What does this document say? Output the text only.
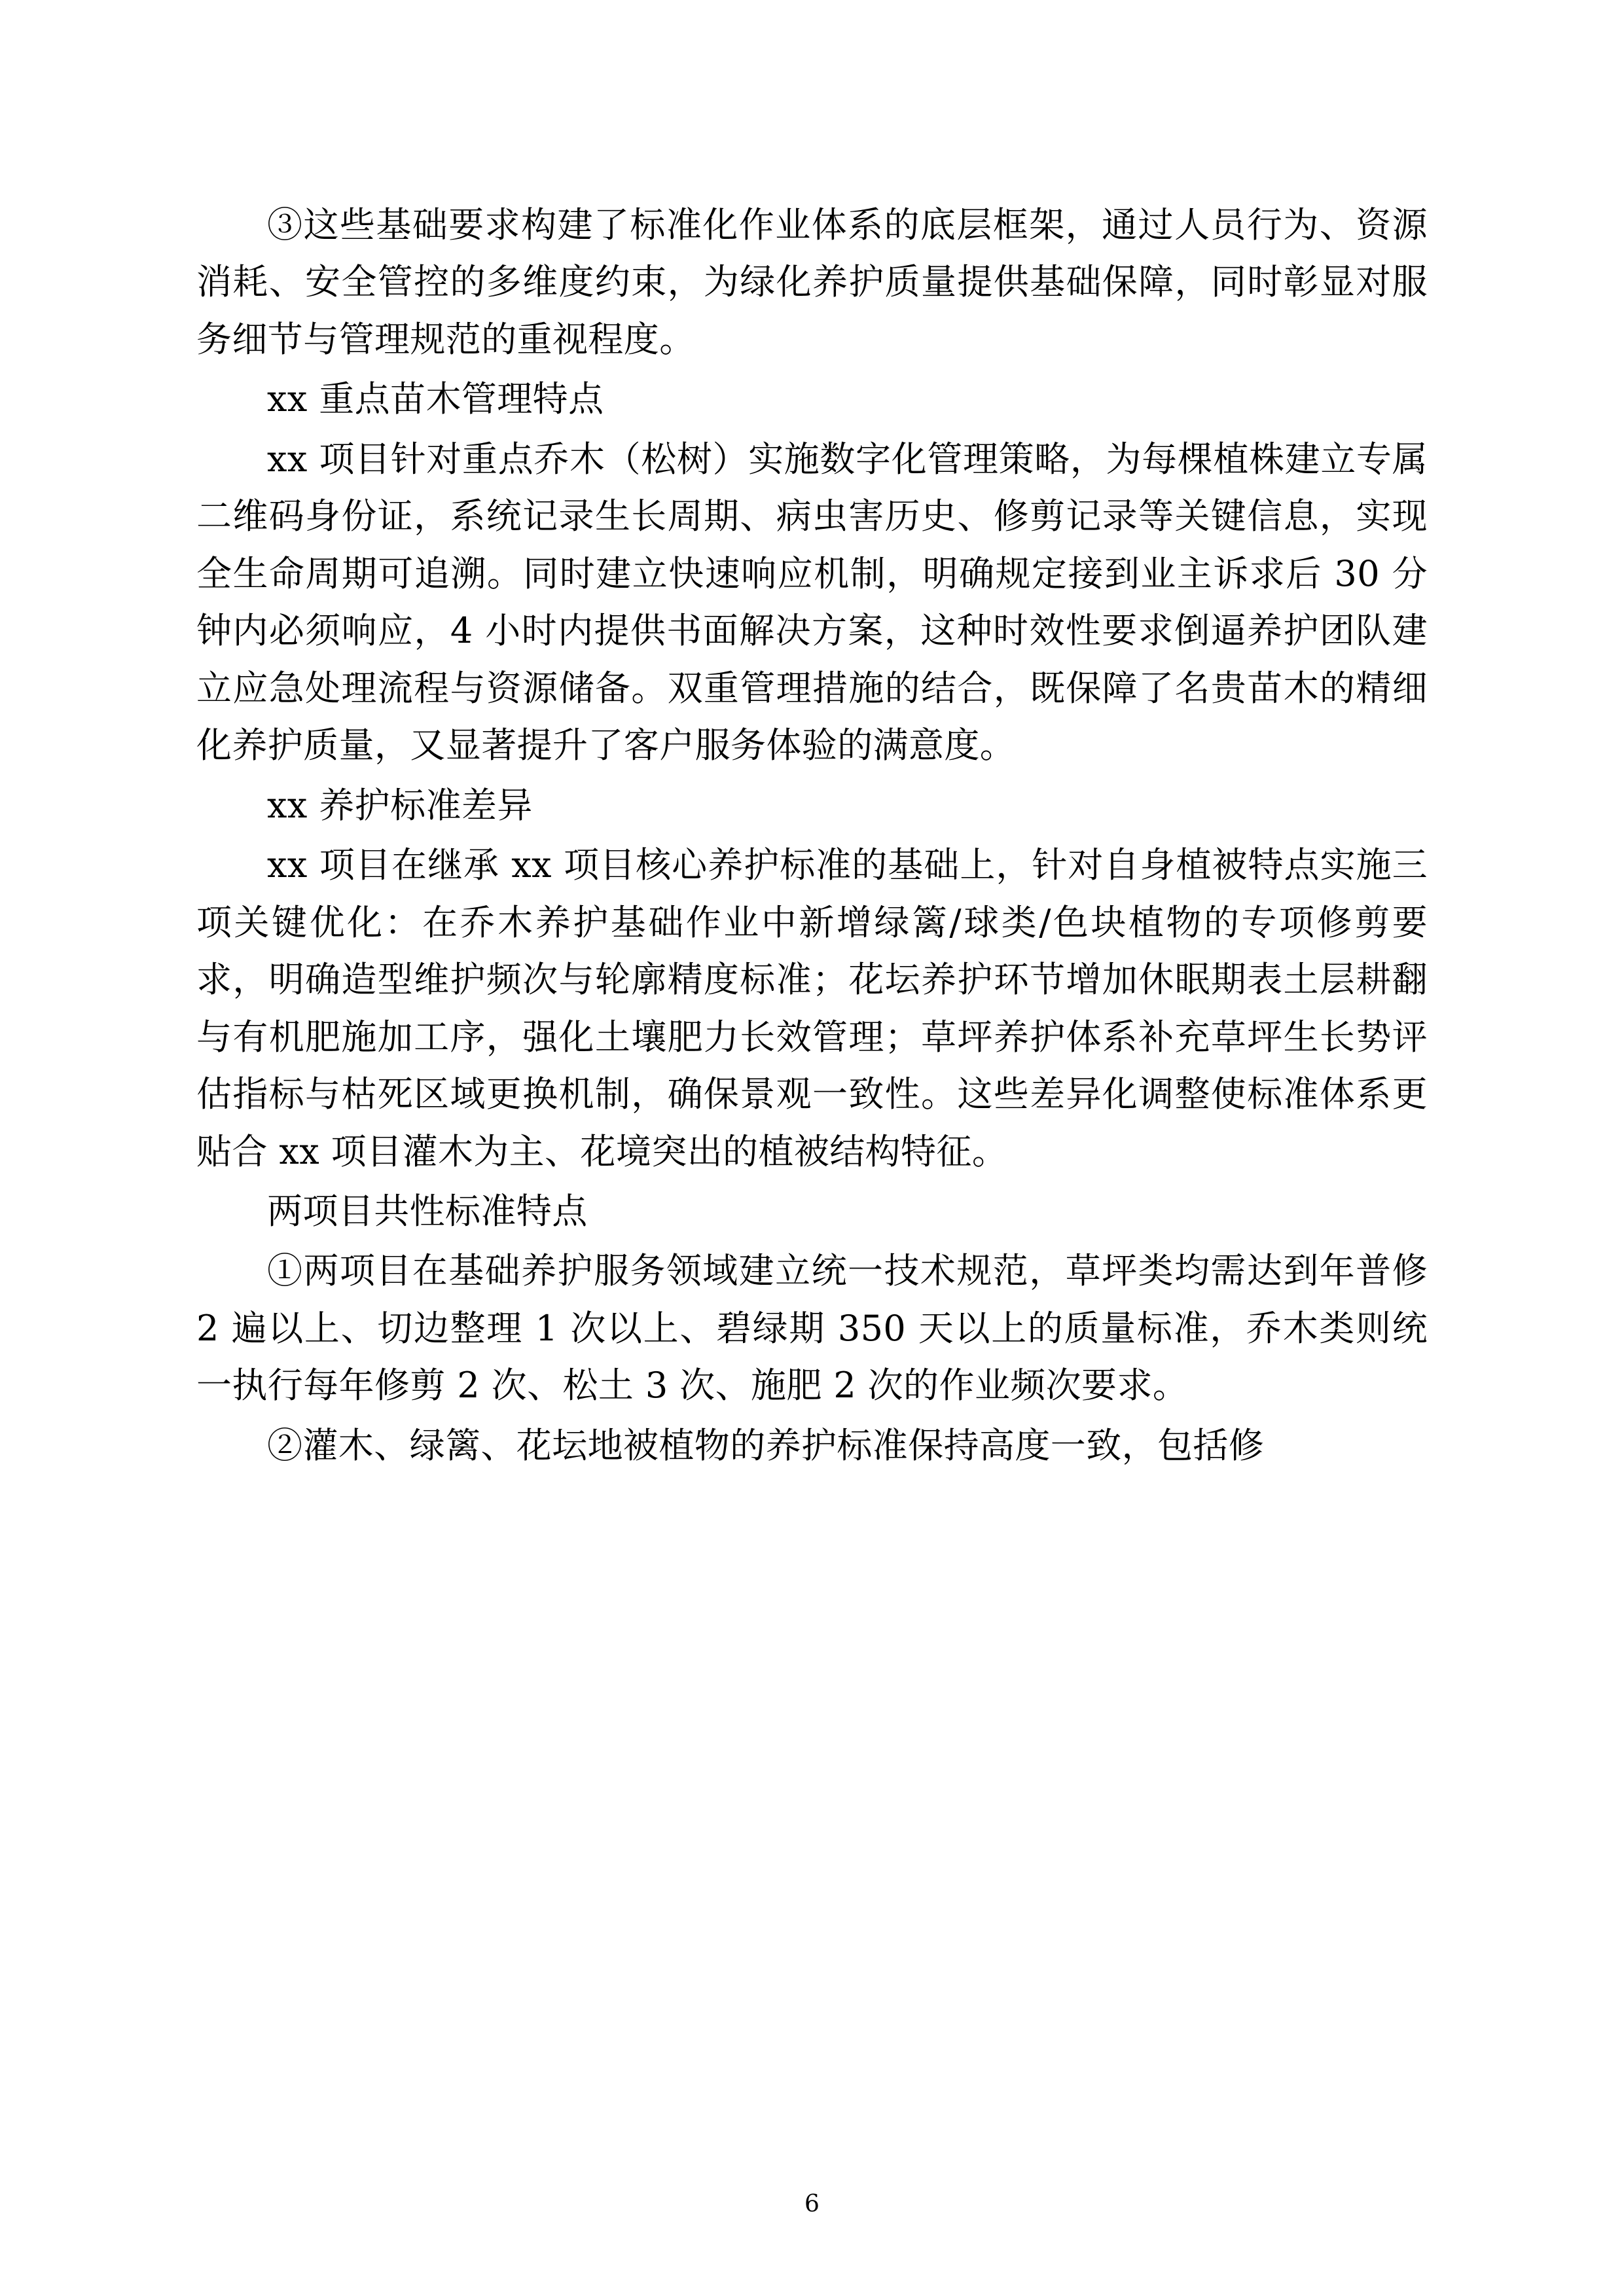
③这些基础要求构建了标准化作业体系的底层框架，通过人员行为、资源消耗、安全管控的多维度约束，为绿化养护质量提供基础保障，同时彰显对服务细节与管理规范的重视程度。

xx 重点苗木管理特点

xx 项目针对重点乔木（松树）实施数字化管理策略，为每棵植株建立专属二维码身份证，系统记录生长周期、病虫害历史、修剪记录等关键信息，实现全生命周期可追溯。同时建立快速响应机制，明确规定接到业主诉求后 30 分钟内必须响应，4 小时内提供书面解决方案，这种时效性要求倒逼养护团队建立应急处理流程与资源储备。双重管理措施的结合，既保障了名贵苗木的精细化养护质量，又显著提升了客户服务体验的满意度。

xx 养护标准差异

xx 项目在继承 xx 项目核心养护标准的基础上，针对自身植被特点实施三项关键优化：在乔木养护基础作业中新增绿篱/球类/色块植物的专项修剪要求，明确造型维护频次与轮廓精度标准；花坛养护环节增加休眠期表土层耕翻与有机肥施加工序，强化土壤肥力长效管理；草坪养护体系补充草坪生长势评估指标与枯死区域更换机制，确保景观一致性。这些差异化调整使标准体系更贴合 xx 项目灌木为主、花境突出的植被结构特征。

两项目共性标准特点

①两项目在基础养护服务领域建立统一技术规范，草坪类均需达到年普修 2 遍以上、切边整理 1 次以上、碧绿期 350 天以上的质量标准，乔木类则统一执行每年修剪 2 次、松土 3 次、施肥 2 次的作业频次要求。

②灌木、绿篱、花坛地被植物的养护标准保持高度一致，包括修

6
